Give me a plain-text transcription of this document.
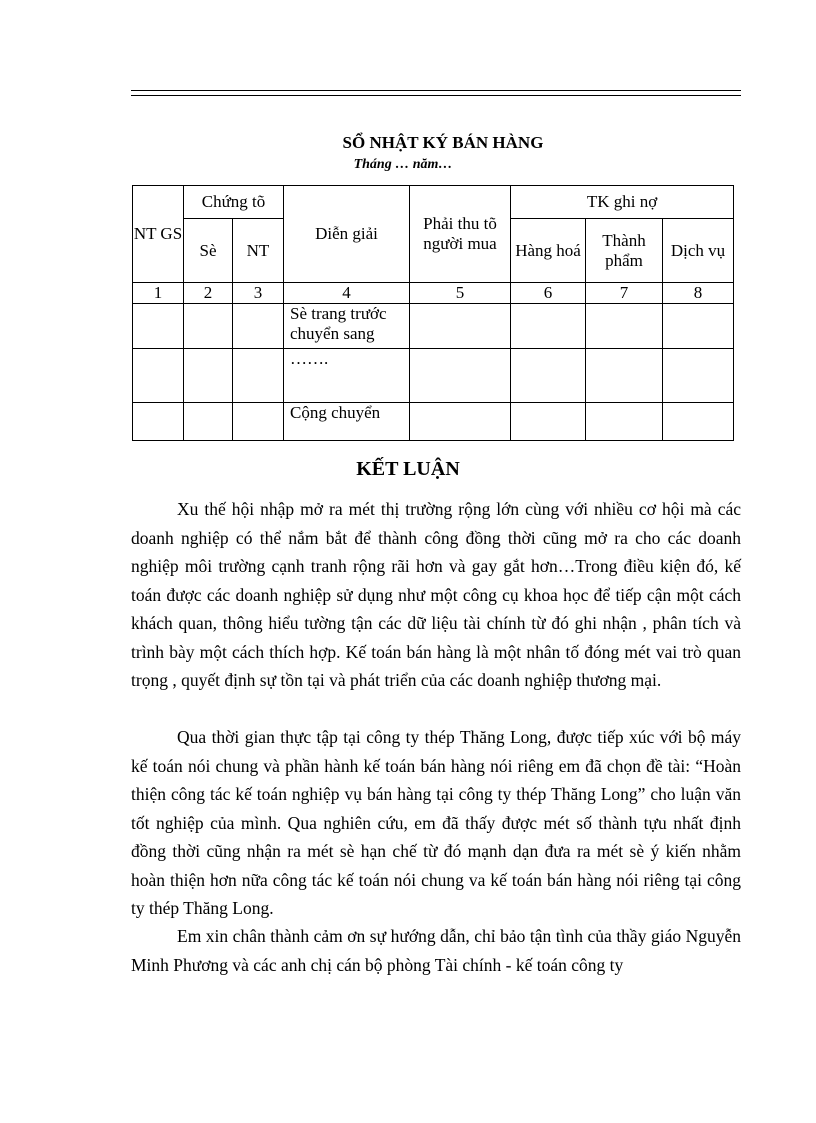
SỔ NHẬT KÝ BÁN HÀNG
Tháng … năm…
NT GS	Chứng tõ		Diễn giải	Phải thu tõ người mua	TK ghi nợ		
	Sè	NT			Hàng hoá	Thành phẩm	Dịch vụ
1	2	3	4	5	6	7	8
			Sè trang trước chuyển sang				
			…….				
			Cộng chuyển				
KẾT LUẬN

Xu thế hội nhập mở ra mét thị trường rộng lớn cùng với nhiều cơ hội mà các doanh nghiệp có thể nắm bắt để thành công đồng thời cũng mở ra cho các doanh nghiệp môi trường cạnh tranh rộng rãi hơn và gay gắt hơn…Trong điều kiện đó, kế toán được các doanh nghiệp sử dụng như một công cụ khoa học để tiếp cận một cách khách quan, thông hiểu tường tận các dữ liệu tài chính từ đó ghi nhận , phân tích và trình bày một cách thích hợp. Kế toán bán hàng là một nhân tố đóng mét vai trò quan trọng , quyết định sự tồn tại và phát triển của các doanh nghiệp thương mại.

Qua thời gian thực tập tại công ty thép Thăng Long, được tiếp xúc với bộ máy kế toán nói chung và phần hành kế toán bán hàng nói riêng em đã chọn đề tài: “Hoàn thiện công tác kế toán nghiệp vụ bán hàng tại công ty thép Thăng Long” cho luận văn tốt nghiệp của mình. Qua nghiên cứu, em đã thấy được mét số thành tựu nhất định đồng thời cũng nhận ra mét sè hạn chế từ đó mạnh dạn đưa ra mét sè ý kiến nhằm hoàn thiện hơn nữa công tác kế toán nói chung va kế toán bán hàng nói riêng tại công ty thép Thăng Long.

Em xin chân thành cảm ơn sự hướng dẫn, chỉ bảo tận tình của thầy giáo Nguyễn Minh Phương và các anh chị cán bộ phòng Tài chính - kế toán công ty
